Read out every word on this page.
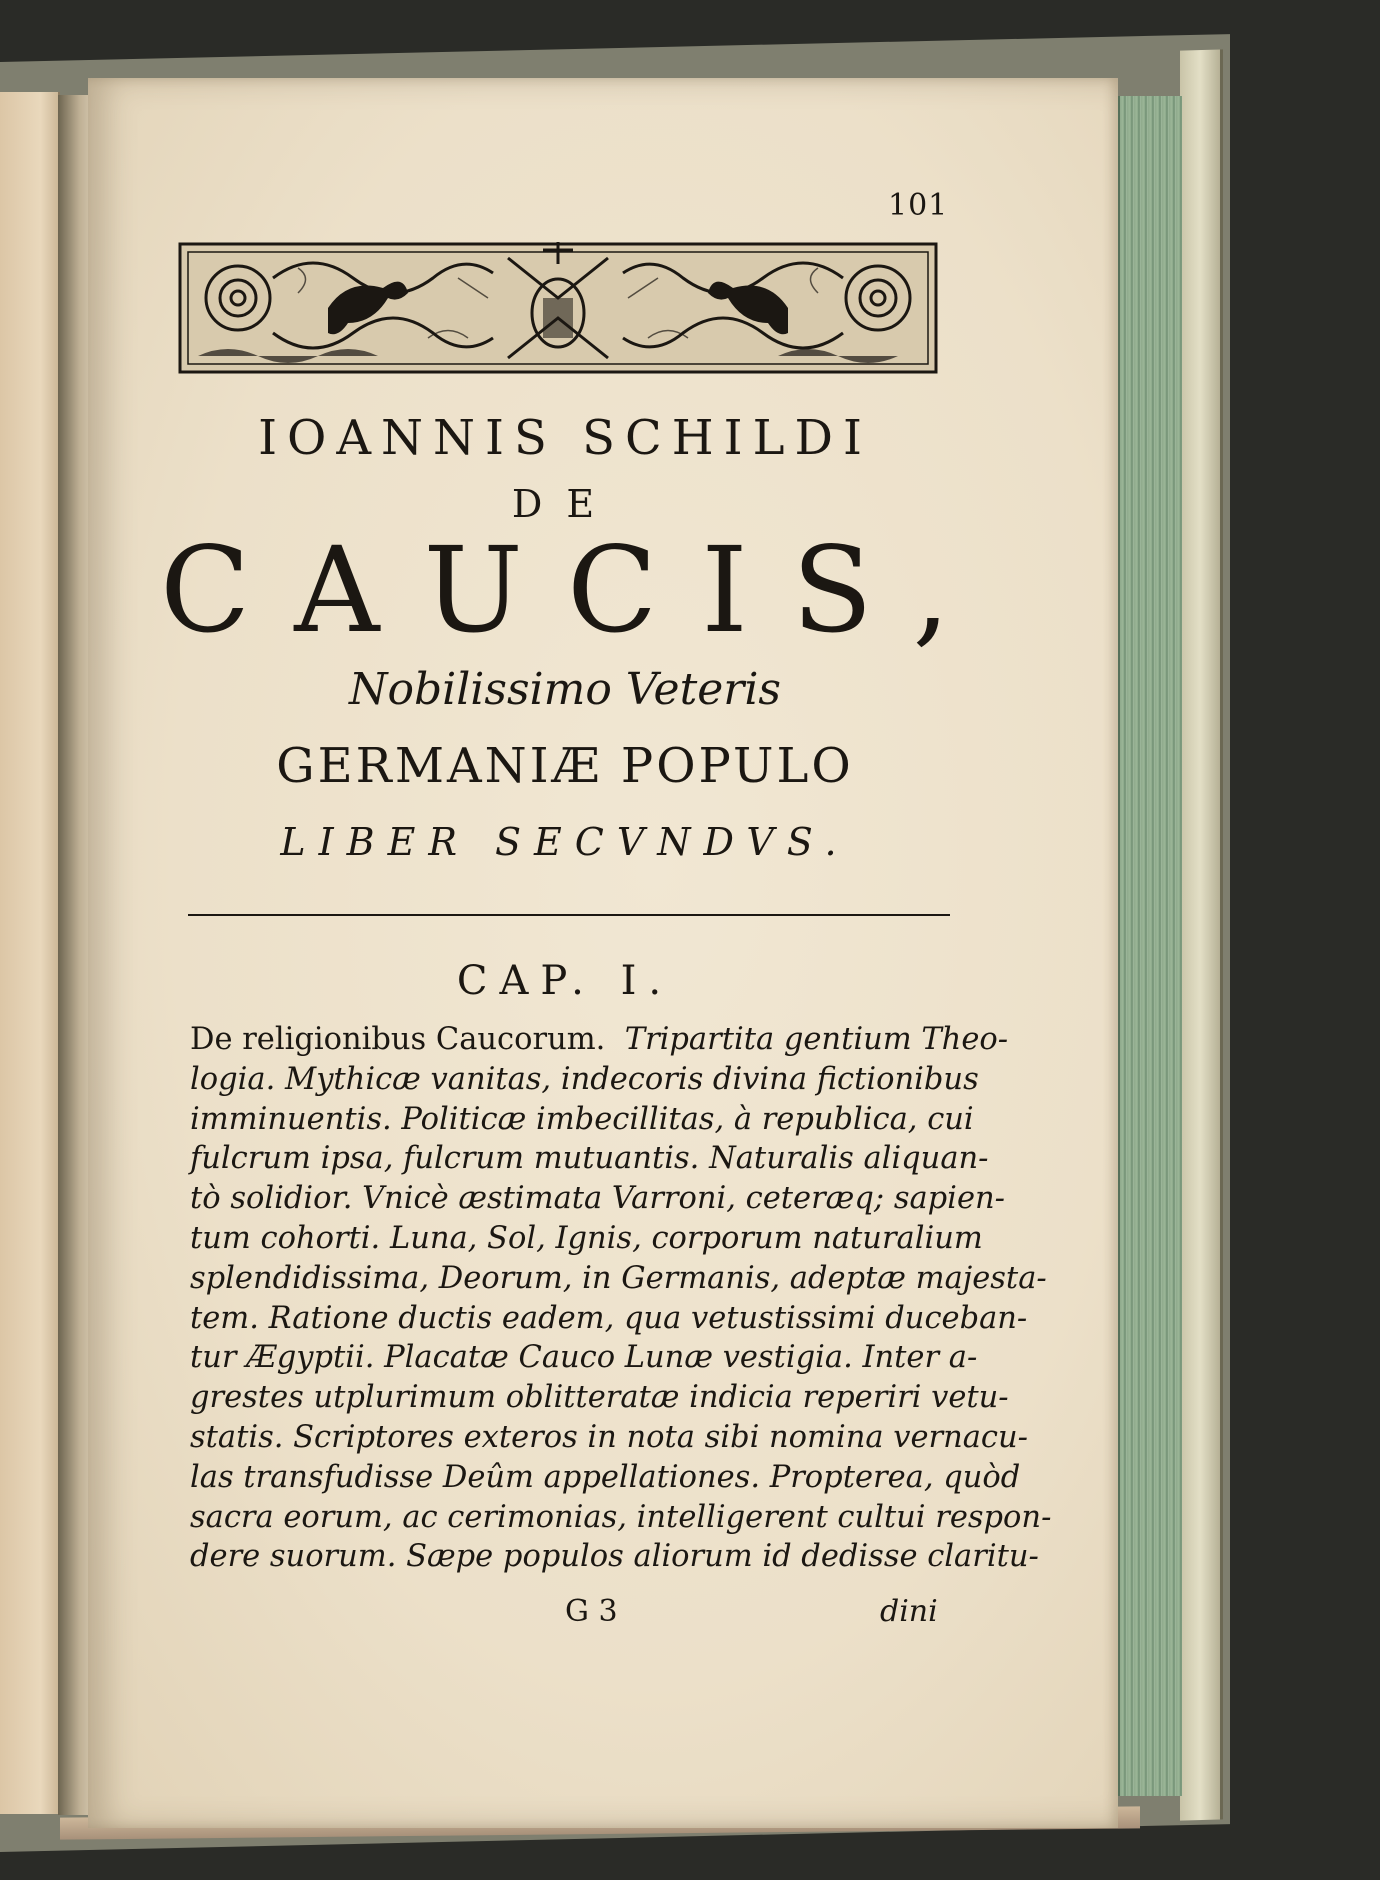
101
IOANNIS SCHILDI
DE
CAUCIS,
Nobilissimo Veteris
GERMANIÆ POPULO
LIBER SECVNDVS.
CAP. I.
De religionibus Caucorum. Tripartita gentium Theo-
logia. Mythicæ vanitas, indecoris divina fictionibus
imminuentis. Politicæ imbecillitas, à republica, cui
fulcrum ipsa, fulcrum mutuantis. Naturalis aliquan-
tò solidior. Vnicè æstimata Varroni, ceteræq; sapien-
tum cohorti. Luna, Sol, Ignis, corporum naturalium
splendidissima, Deorum, in Germanis, adeptæ majesta-
tem. Ratione ductis eadem, qua vetustissimi duceban-
tur Ægyptii. Placatæ Cauco Lunæ vestigia. Inter a-
grestes utplurimum oblitteratæ indicia reperiri vetu-
statis. Scriptores exteros in nota sibi nomina vernacu-
las transfudisse Deûm appellationes. Propterea, quòd
sacra eorum, ac cerimonias, intelligerent cultui respon-
dere suorum. Sæpe populos aliorum id dedisse claritu-
G 3	dini
